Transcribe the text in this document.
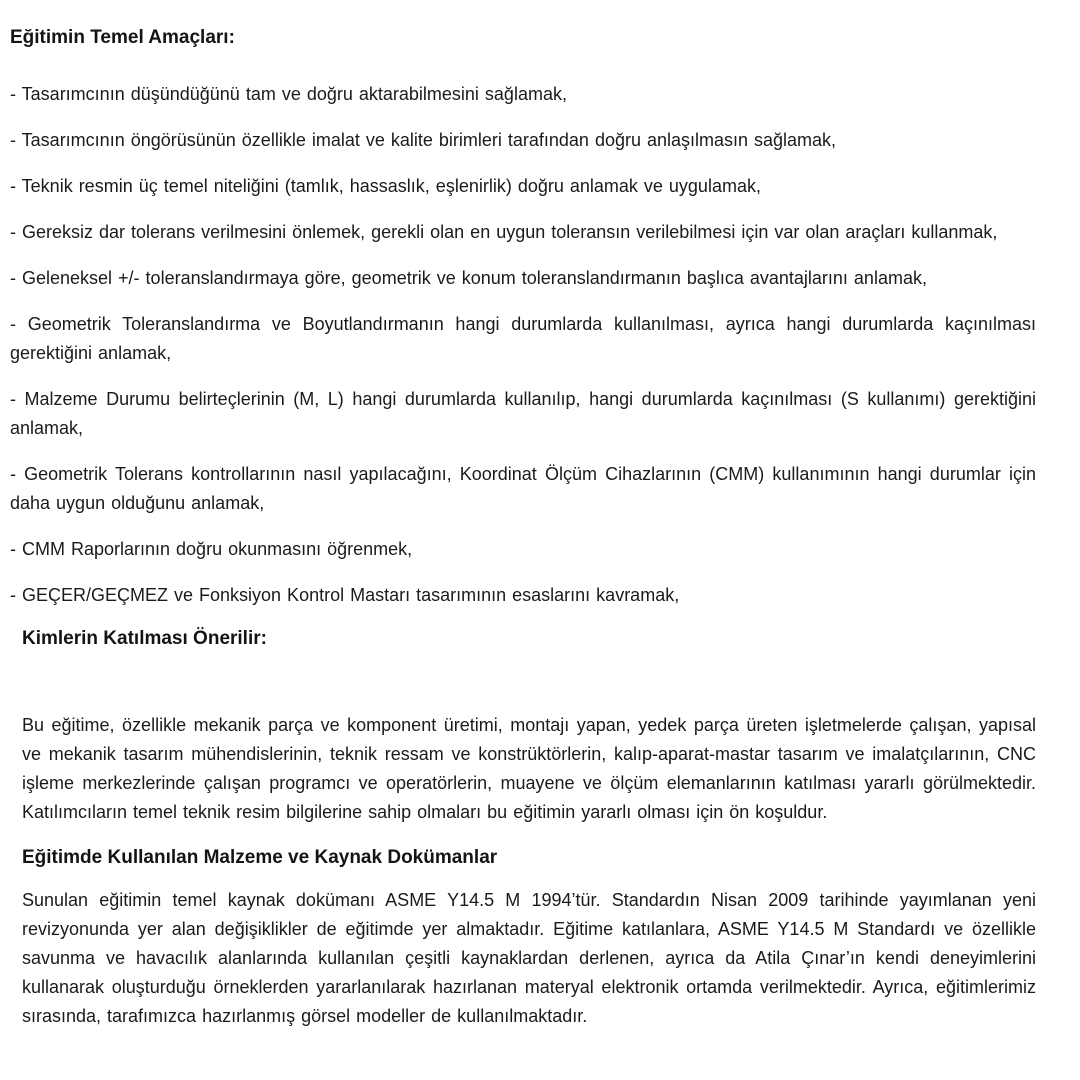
Eğitimin Temel Amaçları:

- Tasarımcının düşündüğünü tam ve doğru aktarabilmesini sağlamak,

- Tasarımcının öngörüsünün özellikle imalat ve kalite birimleri tarafından doğru anlaşılmasın sağlamak,

- Teknik resmin üç temel niteliğini (tamlık, hassaslık, eşlenirlik) doğru anlamak ve uygulamak,

- Gereksiz dar tolerans verilmesini önlemek, gerekli olan en uygun toleransın verilebilmesi için var olan araçları kullanmak,

- Geleneksel +/- toleranslandırmaya göre, geometrik ve konum toleranslandırmanın başlıca avantajlarını anlamak,

- Geometrik Toleranslandırma ve Boyutlandırmanın hangi durumlarda kullanılması, ayrıca hangi durumlarda kaçınılması gerektiğini anlamak,

- Malzeme Durumu belirteçlerinin (M, L) hangi durumlarda kullanılıp, hangi durumlarda kaçınılması (S kullanımı) gerektiğini anlamak,

- Geometrik Tolerans kontrollarının nasıl yapılacağını, Koordinat Ölçüm Cihazlarının (CMM) kullanımının hangi durumlar için daha uygun olduğunu anlamak,

- CMM Raporlarının doğru okunmasını öğrenmek,

- GEÇER/GEÇMEZ ve Fonksiyon Kontrol Mastarı tasarımının esaslarını kavramak,

Kimlerin Katılması Önerilir:

Bu eğitime, özellikle mekanik parça ve komponent üretimi, montajı yapan, yedek parça üreten işletmelerde çalışan, yapısal ve mekanik tasarım mühendislerinin, teknik ressam ve konstrüktörlerin, kalıp-aparat-mastar tasarım ve imalatçılarının, CNC işleme merkezlerinde çalışan programcı ve operatörlerin, muayene ve ölçüm elemanlarının katılması yararlı görülmektedir. Katılımcıların temel teknik resim bilgilerine sahip olmaları bu eğitimin yararlı olması için ön koşuldur.

Eğitimde Kullanılan Malzeme ve Kaynak Dokümanlar

Sunulan eğitimin temel kaynak dokümanı ASME Y14.5 M 1994’tür. Standardın Nisan 2009 tarihinde yayımlanan yeni revizyonunda yer alan değişiklikler de eğitimde yer almaktadır. Eğitime katılanlara, ASME Y14.5 M Standardı ve özellikle savunma ve havacılık alanlarında kullanılan çeşitli kaynaklardan derlenen, ayrıca da Atila Çınar’ın kendi deneyimlerini kullanarak oluşturduğu örneklerden yararlanılarak hazırlanan materyal elektronik ortamda verilmektedir. Ayrıca, eğitimlerimiz sırasında, tarafımızca hazırlanmış görsel modeller de kullanılmaktadır.
